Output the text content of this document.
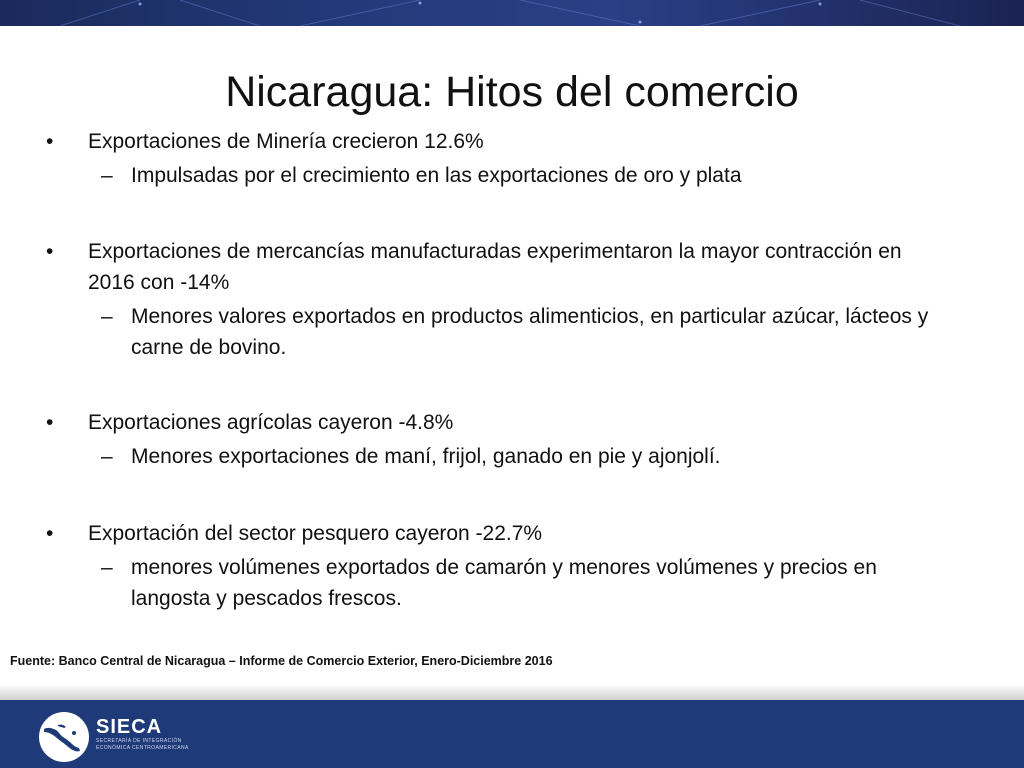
Nicaragua: Hitos del comercio
•	Exportaciones de Minería crecieron 12.6%
– Impulsadas por el crecimiento en las exportaciones de oro y plata
•	Exportaciones de mercancías manufacturadas experimentaron la mayor contracción en 2016 con -14%
– Menores valores exportados en productos alimenticios, en particular azúcar, lácteos y carne de bovino.
•	Exportaciones agrícolas cayeron -4.8%
– Menores exportaciones de maní, frijol, ganado en pie y ajonjolí.
•	Exportación del sector pesquero cayeron -22.7%
– menores volúmenes exportados de camarón y menores volúmenes y precios en langosta y pescados frescos.
Fuente: Banco Central de Nicaragua – Informe de Comercio Exterior, Enero-Diciembre 2016
SIECA
SECRETARÍA DE INTEGRACIÓN
ECONÓMICA CENTROAMERICANA
